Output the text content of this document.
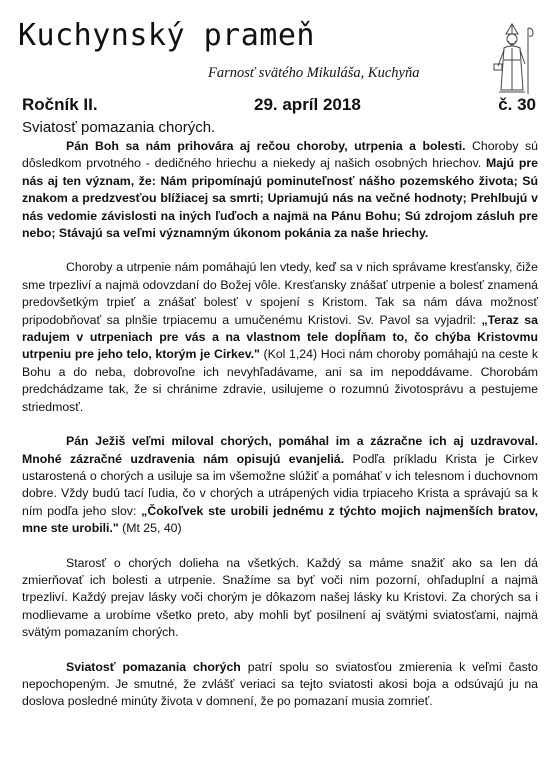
Kuchynský prameň
Farnosť svätého Mikuláša, Kuchyňa
Ročník II.	29. apríl 2018	č. 30
Sviatosť pomazania chorých.

Pán Boh sa nám prihovára aj rečou choroby, utrpenia a bolesti. Choroby sú dôsledkom prvotného - dedičného hriechu a niekedy aj našich osobných hriechov. Majú pre nás aj ten význam, že: Nám pripomínajú pominuteľnosť nášho pozemského života; Sú znakom a predzvesťou blížiacej sa smrti; Upriamujú nás na večné hodnoty; Prehlbujú v nás vedomie závislosti na iných ľuďoch a najmä na Pánu Bohu; Sú zdrojom zásluh pre nebo; Stávajú sa veľmi významným úkonom pokánia za naše hriechy.

Choroby a utrpenie nám pomáhajú len vtedy, keď sa v nich správame kresťansky, čiže sme trpezliví a najmä odovzdaní do Božej vôle. Kresťansky znášať utrpenie a bolesť znamená predovšetkým trpieť a znášať bolesť v spojení s Kristom. Tak sa nám dáva možnosť pripodobňovať sa plnšie trpiacemu a umučenému Kristovi. Sv. Pavol sa vyjadril: „Teraz sa radujem v utrpeniach pre vás a na vlastnom tele dopĺňam to, čo chýba Kristovmu utrpeniu pre jeho telo, ktorým je Cirkev." (Kol 1,24) Hoci nám choroby pomáhajú na ceste k Bohu a do neba, dobrovoľne ich nevyhľadávame, ani sa im nepoddávame. Chorobám predchádzame tak, že si chránime zdravie, usilujeme o rozumnú životosprávu a pestujeme striedmosť.

Pán Ježiš veľmi miloval chorých, pomáhal im a zázračne ich aj uzdravoval. Mnohé zázračné uzdravenia nám opisujú evanjeliá. Podľa príkladu Krista je Cirkev ustarostená o chorých a usiluje sa im všemožne slúžiť a pomáhať v ich telesnom i duchovnom dobre. Vždy budú tací ľudia, čo v chorých a utrápených vidia trpiaceho Krista a správajú sa k ním podľa jeho slov: „Čokoľvek ste urobili jednému z týchto mojich najmenších bratov, mne ste urobili." (Mt 25, 40)

Starosť o chorých dolieha na všetkých. Každý sa máme snažiť ako sa len dá zmierňovať ich bolesti a utrpenie. Snažíme sa byť voči nim pozorní, ohľaduplní a najmä trpezliví. Každý prejav lásky voči chorým je dôkazom našej lásky ku Kristovi. Za chorých sa i modlievame a urobíme všetko preto, aby mohli byť posilnení aj svätými sviatosťami, najmä svätým pomazaním chorých.

Sviatosť pomazania chorých patrí spolu so sviatosťou zmierenia k veľmi často nepochopeným. Je smutné, že zvlášť veriaci sa tejto sviatosti akosi boja a odsúvajú ju na doslova posledné minúty života v domnení, že po pomazaní musia zomrieť.
